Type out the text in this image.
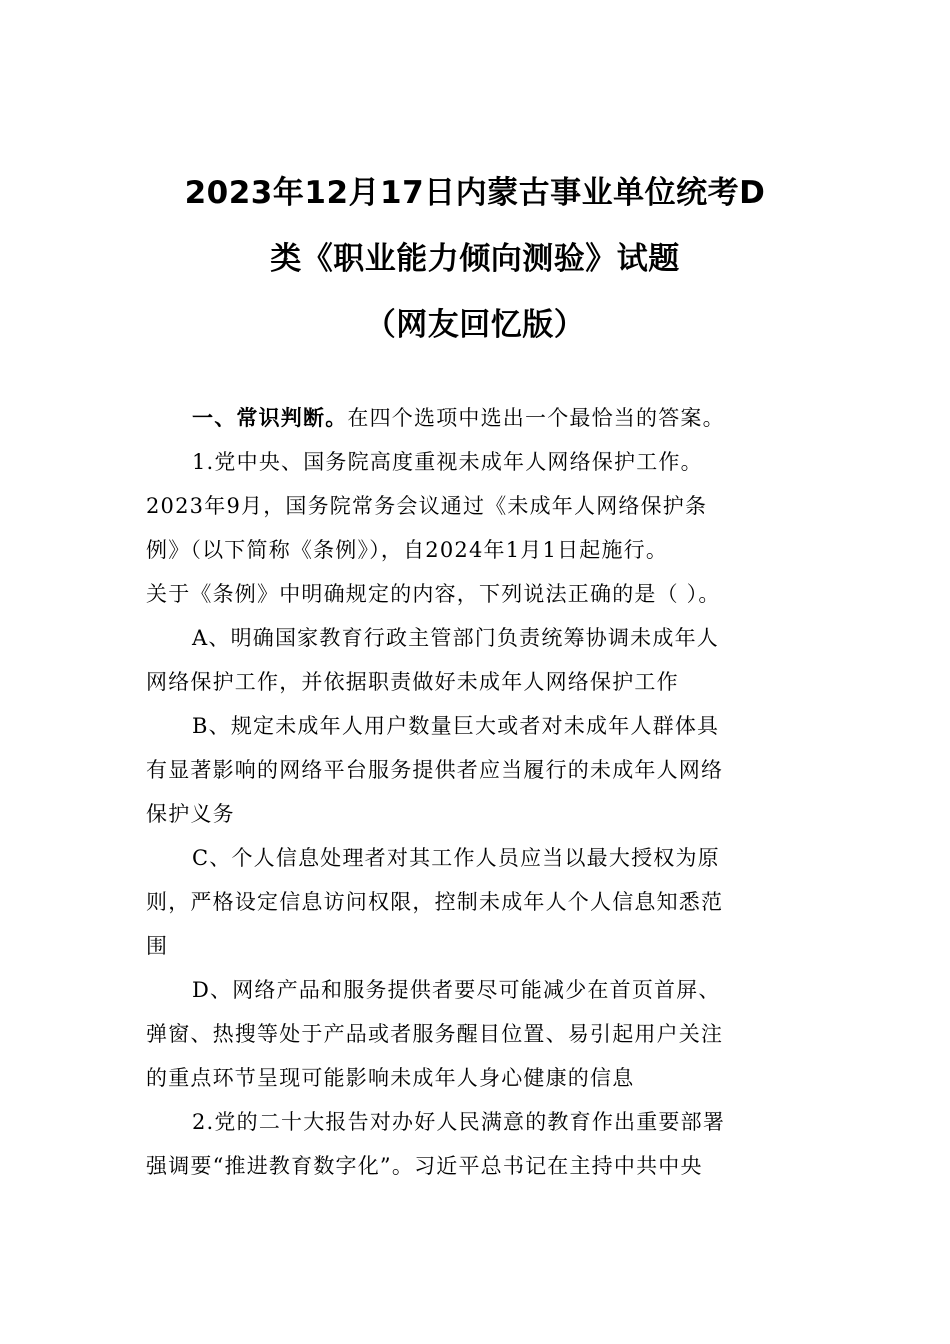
2023年12月17日内蒙古事业单位统考D
类《职业能力倾向测验》试题
（网友回忆版）
一、常识判断。在四个选项中选出一个最恰当的答案。
1.党中央、国务院高度重视未成年人网络保护工作。
2023年9月，国务院常务会议通过《未成年人网络保护条
例》（以下简称《条例》），自2024年1月1日起施行。
关于《条例》中明确规定的内容，下列说法正确的是（ ）。
A、明确国家教育行政主管部门负责统筹协调未成年人
网络保护工作，并依据职责做好未成年人网络保护工作
B、规定未成年人用户数量巨大或者对未成年人群体具
有显著影响的网络平台服务提供者应当履行的未成年人网络
保护义务
C、个人信息处理者对其工作人员应当以最大授权为原
则，严格设定信息访问权限，控制未成年人个人信息知悉范
围
D、网络产品和服务提供者要尽可能减少在首页首屏、
弹窗、热搜等处于产品或者服务醒目位置、易引起用户关注
的重点环节呈现可能影响未成年人身心健康的信息
2.党的二十大报告对办好人民满意的教育作出重要部署
强调要“推进教育数字化”。习近平总书记在主持中共中央
